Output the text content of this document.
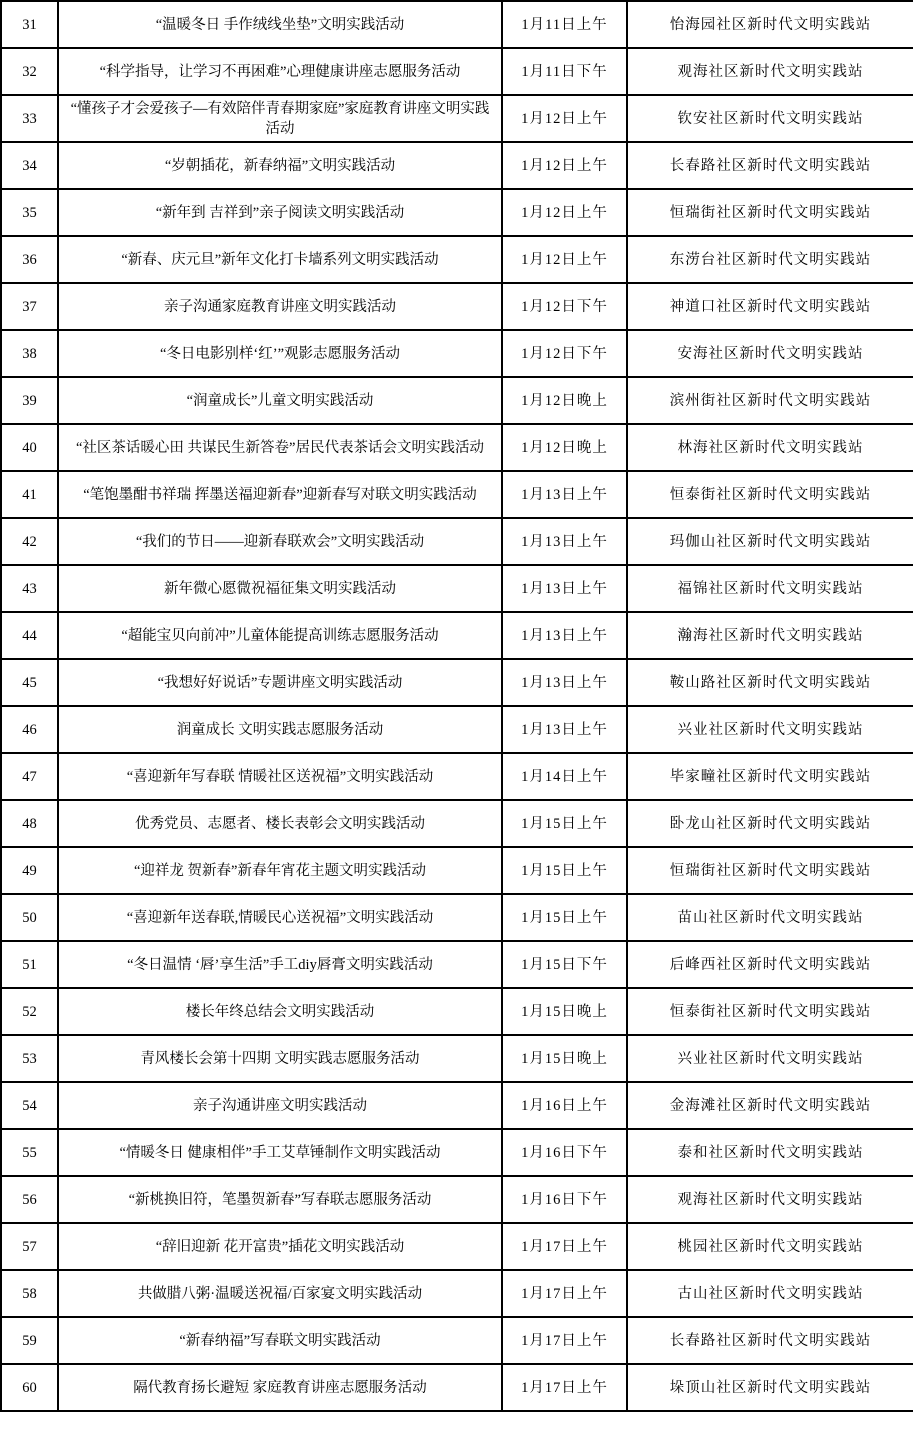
31	“温暖冬日 手作绒线坐垫”文明实践活动	1月11日上午	怡海园社区新时代文明实践站
32	“科学指导，让学习不再困难”心理健康讲座志愿服务活动	1月11日下午	观海社区新时代文明实践站
33	“懂孩子才会爱孩子—有效陪伴青春期家庭”家庭教育讲座文明实践活动	1月12日上午	钦安社区新时代文明实践站
34	“岁朝插花，新春纳福”文明实践活动	1月12日上午	长春路社区新时代文明实践站
35	“新年到 吉祥到”亲子阅读文明实践活动	1月12日上午	恒瑞街社区新时代文明实践站
36	“新春、庆元旦”新年文化打卡墙系列文明实践活动	1月12日上午	东涝台社区新时代文明实践站
37	亲子沟通家庭教育讲座文明实践活动	1月12日下午	神道口社区新时代文明实践站
38	“冬日电影别样‘红’”观影志愿服务活动	1月12日下午	安海社区新时代文明实践站
39	“润童成长”儿童文明实践活动	1月12日晚上	滨州街社区新时代文明实践站
40	“社区茶话暖心田 共谋民生新答卷”居民代表茶话会文明实践活动	1月12日晚上	林海社区新时代文明实践站
41	“笔饱墨酣书祥瑞 挥墨送福迎新春”迎新春写对联文明实践活动	1月13日上午	恒泰街社区新时代文明实践站
42	“我们的节日——迎新春联欢会”文明实践活动	1月13日上午	玛伽山社区新时代文明实践站
43	新年微心愿微祝福征集文明实践活动	1月13日上午	福锦社区新时代文明实践站
44	“超能宝贝向前冲”儿童体能提高训练志愿服务活动	1月13日上午	瀚海社区新时代文明实践站
45	“我想好好说话”专题讲座文明实践活动	1月13日上午	鞍山路社区新时代文明实践站
46	润童成长 文明实践志愿服务活动	1月13日上午	兴业社区新时代文明实践站
47	“喜迎新年写春联 情暖社区送祝福”文明实践活动	1月14日上午	毕家疃社区新时代文明实践站
48	优秀党员、志愿者、楼长表彰会文明实践活动	1月15日上午	卧龙山社区新时代文明实践站
49	“迎祥龙 贺新春”新春年宵花主题文明实践活动	1月15日上午	恒瑞街社区新时代文明实践站
50	“喜迎新年送春联,情暖民心送祝福”文明实践活动	1月15日上午	苗山社区新时代文明实践站
51	“冬日温情 ‘唇’享生活”手工diy唇膏文明实践活动	1月15日下午	后峰西社区新时代文明实践站
52	楼长年终总结会文明实践活动	1月15日晚上	恒泰街社区新时代文明实践站
53	青风楼长会第十四期 文明实践志愿服务活动	1月15日晚上	兴业社区新时代文明实践站
54	亲子沟通讲座文明实践活动	1月16日上午	金海滩社区新时代文明实践站
55	“情暖冬日 健康相伴”手工艾草锤制作文明实践活动	1月16日下午	泰和社区新时代文明实践站
56	“新桃换旧符，笔墨贺新春”写春联志愿服务活动	1月16日下午	观海社区新时代文明实践站
57	“辞旧迎新 花开富贵”插花文明实践活动	1月17日上午	桃园社区新时代文明实践站
58	共做腊八粥·温暖送祝福/百家宴文明实践活动	1月17日上午	古山社区新时代文明实践站
59	“新春纳福”写春联文明实践活动	1月17日上午	长春路社区新时代文明实践站
60	隔代教育扬长避短 家庭教育讲座志愿服务活动	1月17日上午	垛顶山社区新时代文明实践站
